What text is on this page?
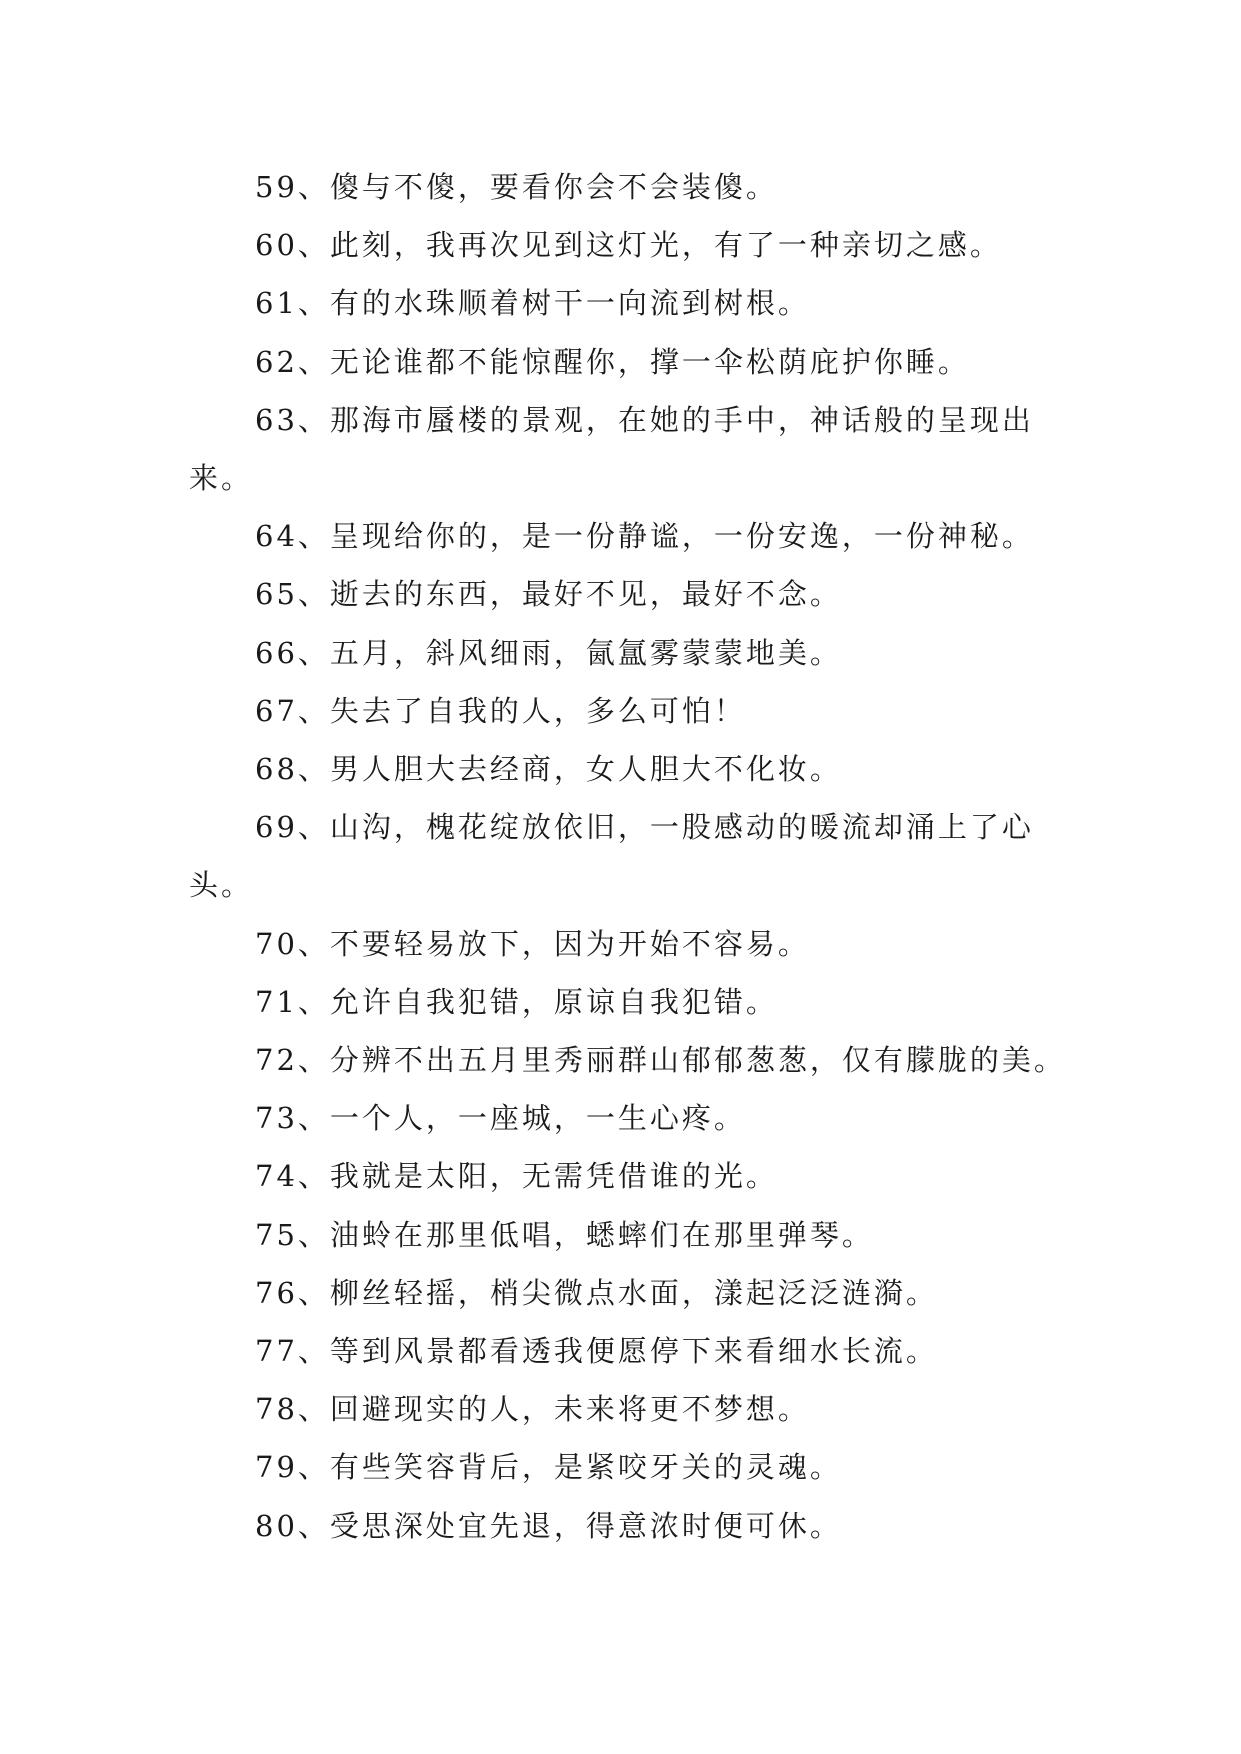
59、傻与不傻，要看你会不会装傻。

60、此刻，我再次见到这灯光，有了一种亲切之感。

61、有的水珠顺着树干一向流到树根。

62、无论谁都不能惊醒你，撑一伞松荫庇护你睡。

63、那海市蜃楼的景观，在她的手中，神话般的呈现出来。

64、呈现给你的，是一份静谧，一份安逸，一份神秘。

65、逝去的东西，最好不见，最好不念。

66、五月，斜风细雨，氤氲雾蒙蒙地美。

67、失去了自我的人，多么可怕！

68、男人胆大去经商，女人胆大不化妆。

69、山沟，槐花绽放依旧，一股感动的暖流却涌上了心头。

70、不要轻易放下，因为开始不容易。

71、允许自我犯错，原谅自我犯错。

72、分辨不出五月里秀丽群山郁郁葱葱，仅有朦胧的美。

73、一个人，一座城，一生心疼。

74、我就是太阳，无需凭借谁的光。

75、油蛉在那里低唱，蟋蟀们在那里弹琴。

76、柳丝轻摇，梢尖微点水面，漾起泛泛涟漪。

77、等到风景都看透我便愿停下来看细水长流。

78、回避现实的人，未来将更不梦想。

79、有些笑容背后，是紧咬牙关的灵魂。

80、受思深处宜先退，得意浓时便可休。
